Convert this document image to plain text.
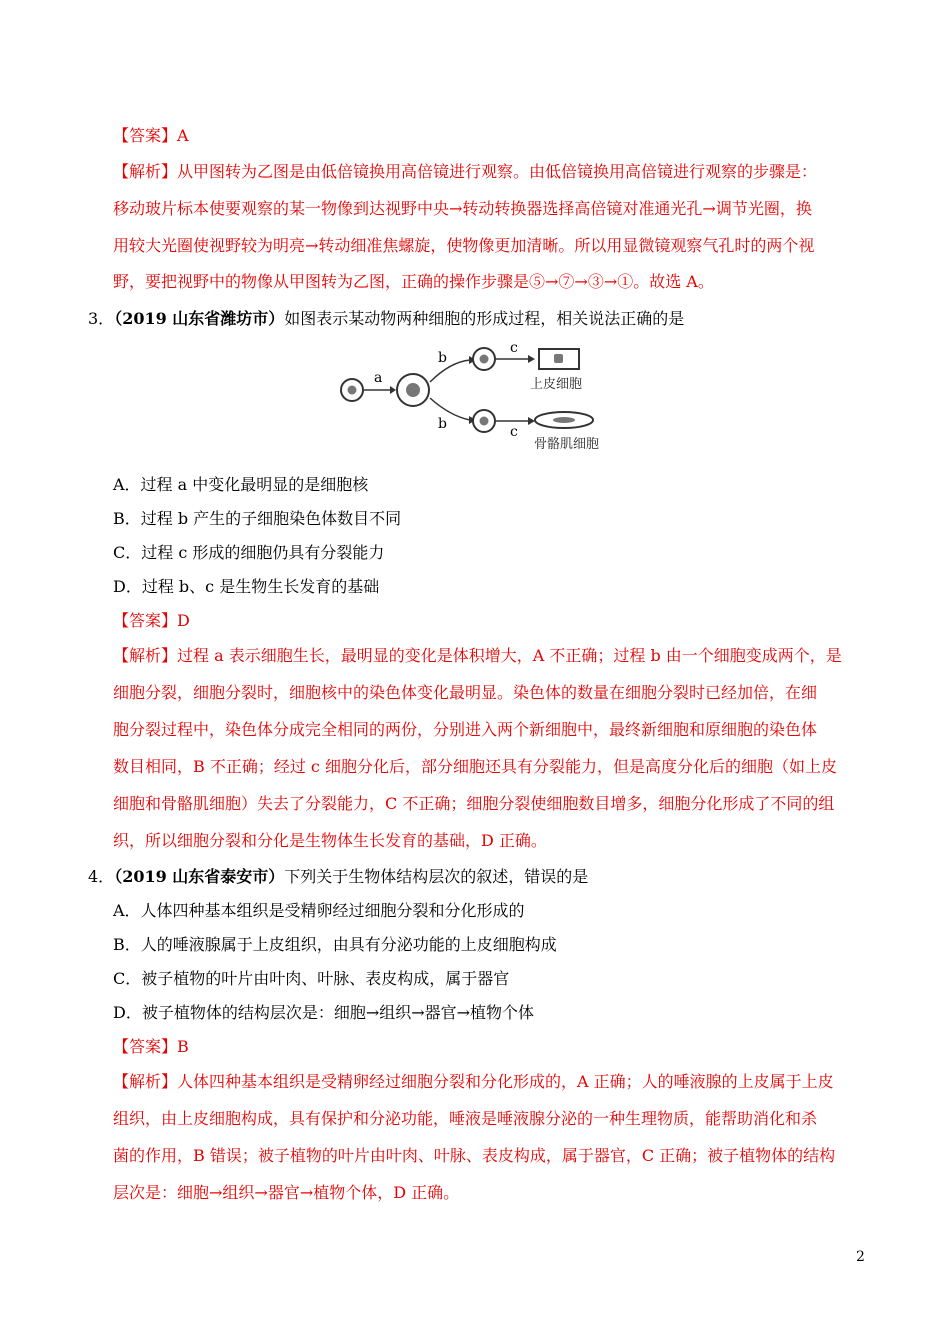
【答案】A
【解析】从甲图转为乙图是由低倍镜换用高倍镜进行观察。由低倍镜换用高倍镜进行观察的步骤是：
移动玻片标本使要观察的某一物像到达视野中央→转动转换器选择高倍镜对准通光孔→调节光圈，换
用较大光圈使视野较为明亮→转动细准焦螺旋，使物像更加清晰。所以用显微镜观察气孔时的两个视
野，要把视野中的物像从甲图转为乙图，正确的操作步骤是⑤→⑦→③→①。故选 A。
3．（2019 山东省潍坊市）如图表示某动物两种细胞的形成过程，相关说法正确的是
a
b
b
c
上皮细胞
c
骨骼肌细胞
A．过程 a 中变化最明显的是细胞核
B．过程 b 产生的子细胞染色体数目不同
C．过程 c 形成的细胞仍具有分裂能力
D．过程 b、c 是生物生长发育的基础
【答案】D
【解析】过程 a 表示细胞生长，最明显的变化是体积增大，A 不正确；过程 b 由一个细胞变成两个，是
细胞分裂，细胞分裂时，细胞核中的染色体变化最明显。染色体的数量在细胞分裂时已经加倍，在细
胞分裂过程中，染色体分成完全相同的两份，分别进入两个新细胞中，最终新细胞和原细胞的染色体
数目相同，B 不正确；经过 c 细胞分化后，部分细胞还具有分裂能力，但是高度分化后的细胞（如上皮
细胞和骨骼肌细胞）失去了分裂能力，C 不正确；细胞分裂使细胞数目增多，细胞分化形成了不同的组
织，所以细胞分裂和分化是生物体生长发育的基础，D 正确。
4．（2019 山东省泰安市）下列关于生物体结构层次的叙述，错误的是
A．人体四种基本组织是受精卵经过细胞分裂和分化形成的
B．人的唾液腺属于上皮组织，由具有分泌功能的上皮细胞构成
C．被子植物的叶片由叶肉、叶脉、表皮构成，属于器官
D．被子植物体的结构层次是：细胞→组织→器官→植物个体
【答案】B
【解析】人体四种基本组织是受精卵经过细胞分裂和分化形成的，A 正确；人的唾液腺的上皮属于上皮
组织，由上皮细胞构成，具有保护和分泌功能，唾液是唾液腺分泌的一种生理物质，能帮助消化和杀
菌的作用，B 错误；被子植物的叶片由叶肉、叶脉、表皮构成，属于器官，C 正确；被子植物体的结构
层次是：细胞→组织→器官→植物个体，D 正确。
2
